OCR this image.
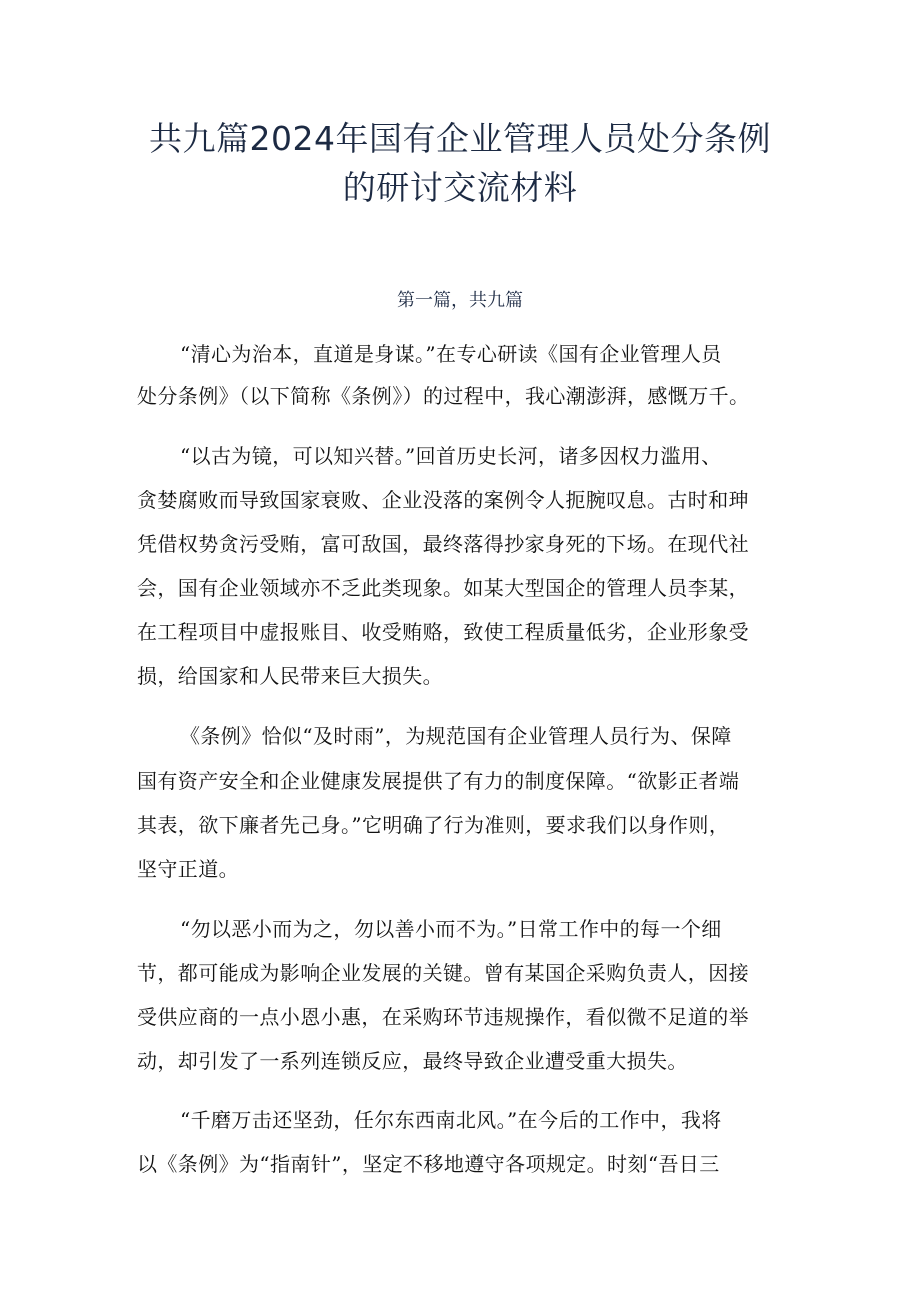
共九篇2024年国有企业管理人员处分条例
的研讨交流材料
第一篇，共九篇
“清心为治本，直道是身谋。”在专心研读《国有企业管理人员
处分条例》（以下简称《条例》）的过程中，我心潮澎湃，感慨万千。
“以古为镜，可以知兴替。”回首历史长河，诸多因权力滥用、
贪婪腐败而导致国家衰败、企业没落的案例令人扼腕叹息。古时和珅
凭借权势贪污受贿，富可敌国，最终落得抄家身死的下场。在现代社
会，国有企业领域亦不乏此类现象。如某大型国企的管理人员李某，
在工程项目中虚报账目、收受贿赂，致使工程质量低劣，企业形象受
损，给国家和人民带来巨大损失。
《条例》恰似“及时雨”，为规范国有企业管理人员行为、保障
国有资产安全和企业健康发展提供了有力的制度保障。“欲影正者端
其表，欲下廉者先己身。”它明确了行为准则，要求我们以身作则，
坚守正道。
“勿以恶小而为之，勿以善小而不为。”日常工作中的每一个细
节，都可能成为影响企业发展的关键。曾有某国企采购负责人，因接
受供应商的一点小恩小惠，在采购环节违规操作，看似微不足道的举
动，却引发了一系列连锁反应，最终导致企业遭受重大损失。
“千磨万击还坚劲，任尔东西南北风。”在今后的工作中，我将
以《条例》为“指南针”，坚定不移地遵守各项规定。时刻“吾日三
